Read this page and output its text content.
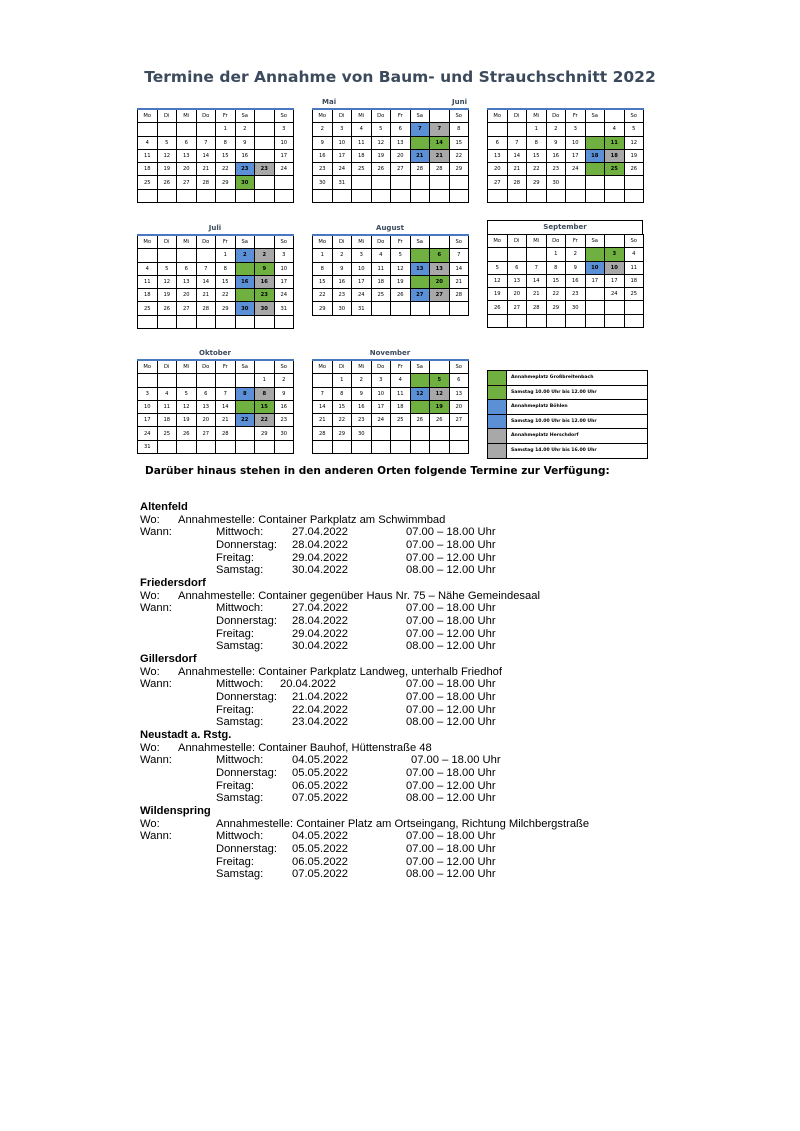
Termine der Annahme von Baum- und Strauchschnitt 2022
Mo	Di	Mi	Do	Fr	Sa		So
				1	2		3
4	5	6	7	8	9		10
11	12	13	14	15	16		17
18	19	20	21	22	23	23	24
25	26	27	28	29	30		

Mai	Juni
Mo	Di	Mi	Do	Fr	Sa		So
2	3	4	5	6	7	7	8
9	10	11	12	13		14	15
16	17	18	19	20	21	21	22
23	24	25	26	27	28	28	29
30	31						

Mo	Di	Mi	Do	Fr	Sa		So
		1	2	3		4	5
6	7	8	9	10		11	12
13	14	15	16	17	18	18	19
20	21	22	23	24		25	26
27	28	29	30				

Juli
Mo	Di	Mi	Do	Fr	Sa		So
				1	2	2	3
4	5	6	7	8		9	10
11	12	13	14	15	16	16	17
18	19	20	21	22		23	24
25	26	27	28	29	30	30	31

August
Mo	Di	Mi	Do	Fr	Sa		So
1	2	3	4	5		6	7
8	9	10	11	12	13	13	14
15	16	17	18	19		20	21
22	23	24	25	26	27	27	28
29	30	31					
September
Mo	Di	Mi	Do	Fr	Sa		So
			1	2		3	4
5	6	7	8	9	10	10	11
12	13	14	15	16	17	17	18
19	20	21	22	23		24	25
26	27	28	29	30			

Oktober
Mo	Di	Mi	Do	Fr	Sa		So
						1	2
3	4	5	6	7	8	8	9
10	11	12	13	14		15	16
17	18	19	20	21	22	22	23
24	25	26	27	28		29	30
31							
November
Mo	Di	Mi	Do	Fr	Sa		So
	1	2	3	4		5	6
7	8	9	10	11	12	12	13
14	15	16	17	18		19	20
21	22	23	24	25	26	26	27
28	29	30					

Annahmeplatz Großbreitenbach
Samstag 10.00 Uhr bis 12.00 Uhr
Annahmeplatz Böhlen
Samstag 10.00 Uhr bis 12.00 Uhr
Annahmeplatz Herschdorf
Samstag 14.00 Uhr bis 16.00 Uhr
Darüber hinaus stehen in den anderen Orten folgende Termine zur Verfügung:
Altenfeld
Wo: Annahmestelle: Container Parkplatz am Schwimmbad
Wann:	Mittwoch:	27.04.2022	07.00 – 18.00 Uhr
Donnerstag: 28.04.2022	07.00 – 18.00 Uhr
Freitag:	29.04.2022	07.00 – 12.00 Uhr
Samstag:	30.04.2022	08.00 – 12.00 Uhr
Friedersdorf
Wo: Annahmestelle: Container gegenüber Haus Nr. 75 – Nähe Gemeindesaal
Wann:	Mittwoch:	27.04.2022	07.00 – 18.00 Uhr
Donnerstag: 28.04.2022	07.00 – 18.00 Uhr
Freitag:	29.04.2022	07.00 – 12.00 Uhr
Samstag:	30.04.2022	08.00 – 12.00 Uhr
Gillersdorf
Wo: Annahmestelle: Container Parkplatz Landweg, unterhalb Friedhof
Wann:	Mittwoch: 20.04.2022	07.00 – 18.00 Uhr
Donnerstag: 21.04.2022	07.00 – 18.00 Uhr
Freitag:	22.04.2022	07.00 – 12.00 Uhr
Samstag:	23.04.2022	08.00 – 12.00 Uhr
Neustadt a. Rstg.
Wo: Annahmestelle: Container Bauhof, Hüttenstraße 48
Wann:	Mittwoch:	04.05.2022	07.00 – 18.00 Uhr
Donnerstag: 05.05.2022	07.00 – 18.00 Uhr
Freitag:	06.05.2022	07.00 – 12.00 Uhr
Samstag:	07.05.2022	08.00 – 12.00 Uhr
Wildenspring
Wo:	Annahmestelle: Container Platz am Ortseingang, Richtung Milchbergstraße
Wann:	Mittwoch:	04.05.2022	07.00 – 18.00 Uhr
Donnerstag: 05.05.2022	07.00 – 18.00 Uhr
Freitag:	06.05.2022	07.00 – 12.00 Uhr
Samstag:	07.05.2022	08.00 – 12.00 Uhr
